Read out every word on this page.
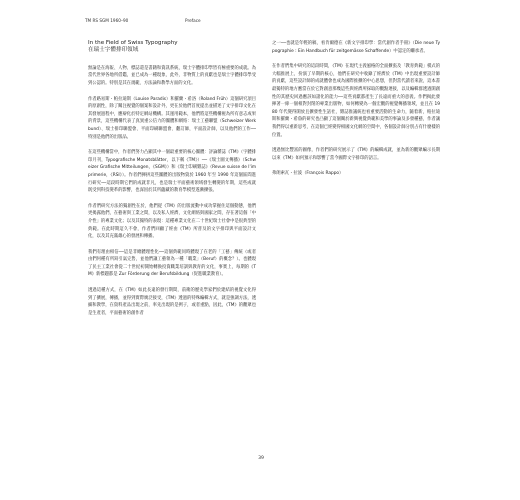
TM RS SGM 1960–90	Preface
In the Field of Swiss Typography
在瑞士字體排印領域

無論是在海報、人物、標誌還是書籍和資訊系統，瑞士字體排印學皆有極重要的成就。為當代世界各地所借鑑，並已成為一種現象，此外，非物質上的貢獻也是瑞士字體排印學受到公認的。特別是其在規範、方法論和教學方面的文化。

作者路易斯・帕拉迪斯（Louise Paradis）和羅蘭・希洛（Roland Früh）這個研究項目的原創性，除了關注視覺的個案和設計外，更在於他們首度提出並描述了文字排印文化在其發展過程中，應辯化於特定網站機構。其運用範本，他們將這些機構視為所有意志成果的背景，這些機構代表了真異重公信力的團體和網絡：瑞士工藝聯盟（Schweizer Werkbund）、瑞士排印聯盟會、平面印刷聯盟會、翻訂師，平面設計師，以及他們的工作──特別是他們的出版品。

在這些機構當中，作者們努力凸顯其中一個最重要的核心團體：評論雜誌《TM》（字體排印月刊，Typografische Monatsblätter，以下稱《TM》）──《瑞士圖文傳播》（Schweizer Grafische Mitteilungen，《SGM》）和《瑞士印刷雜誌》（Revue suisse de l'imprimerie，《RSI》）。作者們揮拼這些團體的出版物資於 1960 年至 1990 年這個區間進行研究──這段時期它們的成就非凡，也是瑞士平面藝術領域發生轉變的年期，這些成就既受到科技變革的影響，也深因於其所蘊藏的教育學模型遂漸擴張。

作者們研究方法的獨創性在於，他們從《TM》的出版流動中成功掌握住這個動態，他們更揭露他們，在藝術與工業之間，以及私人經濟，文化網絡與國家之間，存在著這個「中介性」的專業文化；以及其獨特的表現：這種專業文化在二十世紀瑞士社會中是很典型的典範。在此時期這久不會，作者們回顧了經由《TM》所普及的文字排印與平面設計文化，以及其充滿雄心的發展和傳播。

我們有理由相信──這是非總體理性化──這個典範同時體現了在老的「工藝」傳統（或者由們何種有所寫引氣完售，並他們讓工藝領為一種「職業」（Beruf）的概念？）。也體現了民主工業社會從二十世紀初開始轉換投資職業培訓與教育的文化，事實上，每期的《TM》新標題都是 Zur Förderung der Berufsbildung（促進職業教育）。

透過這種方式，在《TM》如此長遠的發行期間，前衛的歷史學家們於建結的視覺文化得到了擴展，傳播，並得到實際廣泛接受，《TM》透過的特殊編輯方式，就是強調方法，透細和教學，在資料產品出現之前，率先出現的是例子，或者重點，因此，《TM》的觀眾也是生產者，平面藝術的創作者

之一──也就是年輕的稿，看肯爾德在《新文字排印學：當代創作者手冊》（Die neue Typographie : Ein Handbuch für zeitgemässe Schaffende）中認定的繼承者。

在作者們集中研究的這段時間，《TM》在現代主義風格的全面擴張及「教育典範」模式的大幅推展上，扮演了早期的核心，他們在研究中收錄了經濟於《TM》中出現重要設計師的貢獻，這些設計師的成就體會也成為國際推擴的中心思想，但對當代讀者來說，這本書最獨特的地方應當在於它對創意那幾這些與經濟所採取的觀點連接，以及編輯群透過開創性的其歷史回過應該如諸化的能力──這些貢獻都產生了長遠而重大的意義。作們揭此發揮著一條一個相對封閉的專業出版物，如何轉變為一個宏觀的視覺傳播領域，並且在 1980 年代變得開放且擴發性生話社，雜誌推議統也看重要活動的生命力，隨着新，帕拉迪斯和羅蘭・希魯的研究也凸顯了這個關於新興視覺典範和美學的事論及多發種藝，作者讓我們得以重新思考，在這個已經變得相國文化網的空間中，各個設計師分別占有什麼樣的位置。

透過無比豐富的圖像，作者們的研究展示了《TM》的編輯成就，並為新的觀眾編示長期以來《TM》如何預示和影響了當今國際文字排印的語言。

弗朗索瓦・拉波（François Rappo）

39
